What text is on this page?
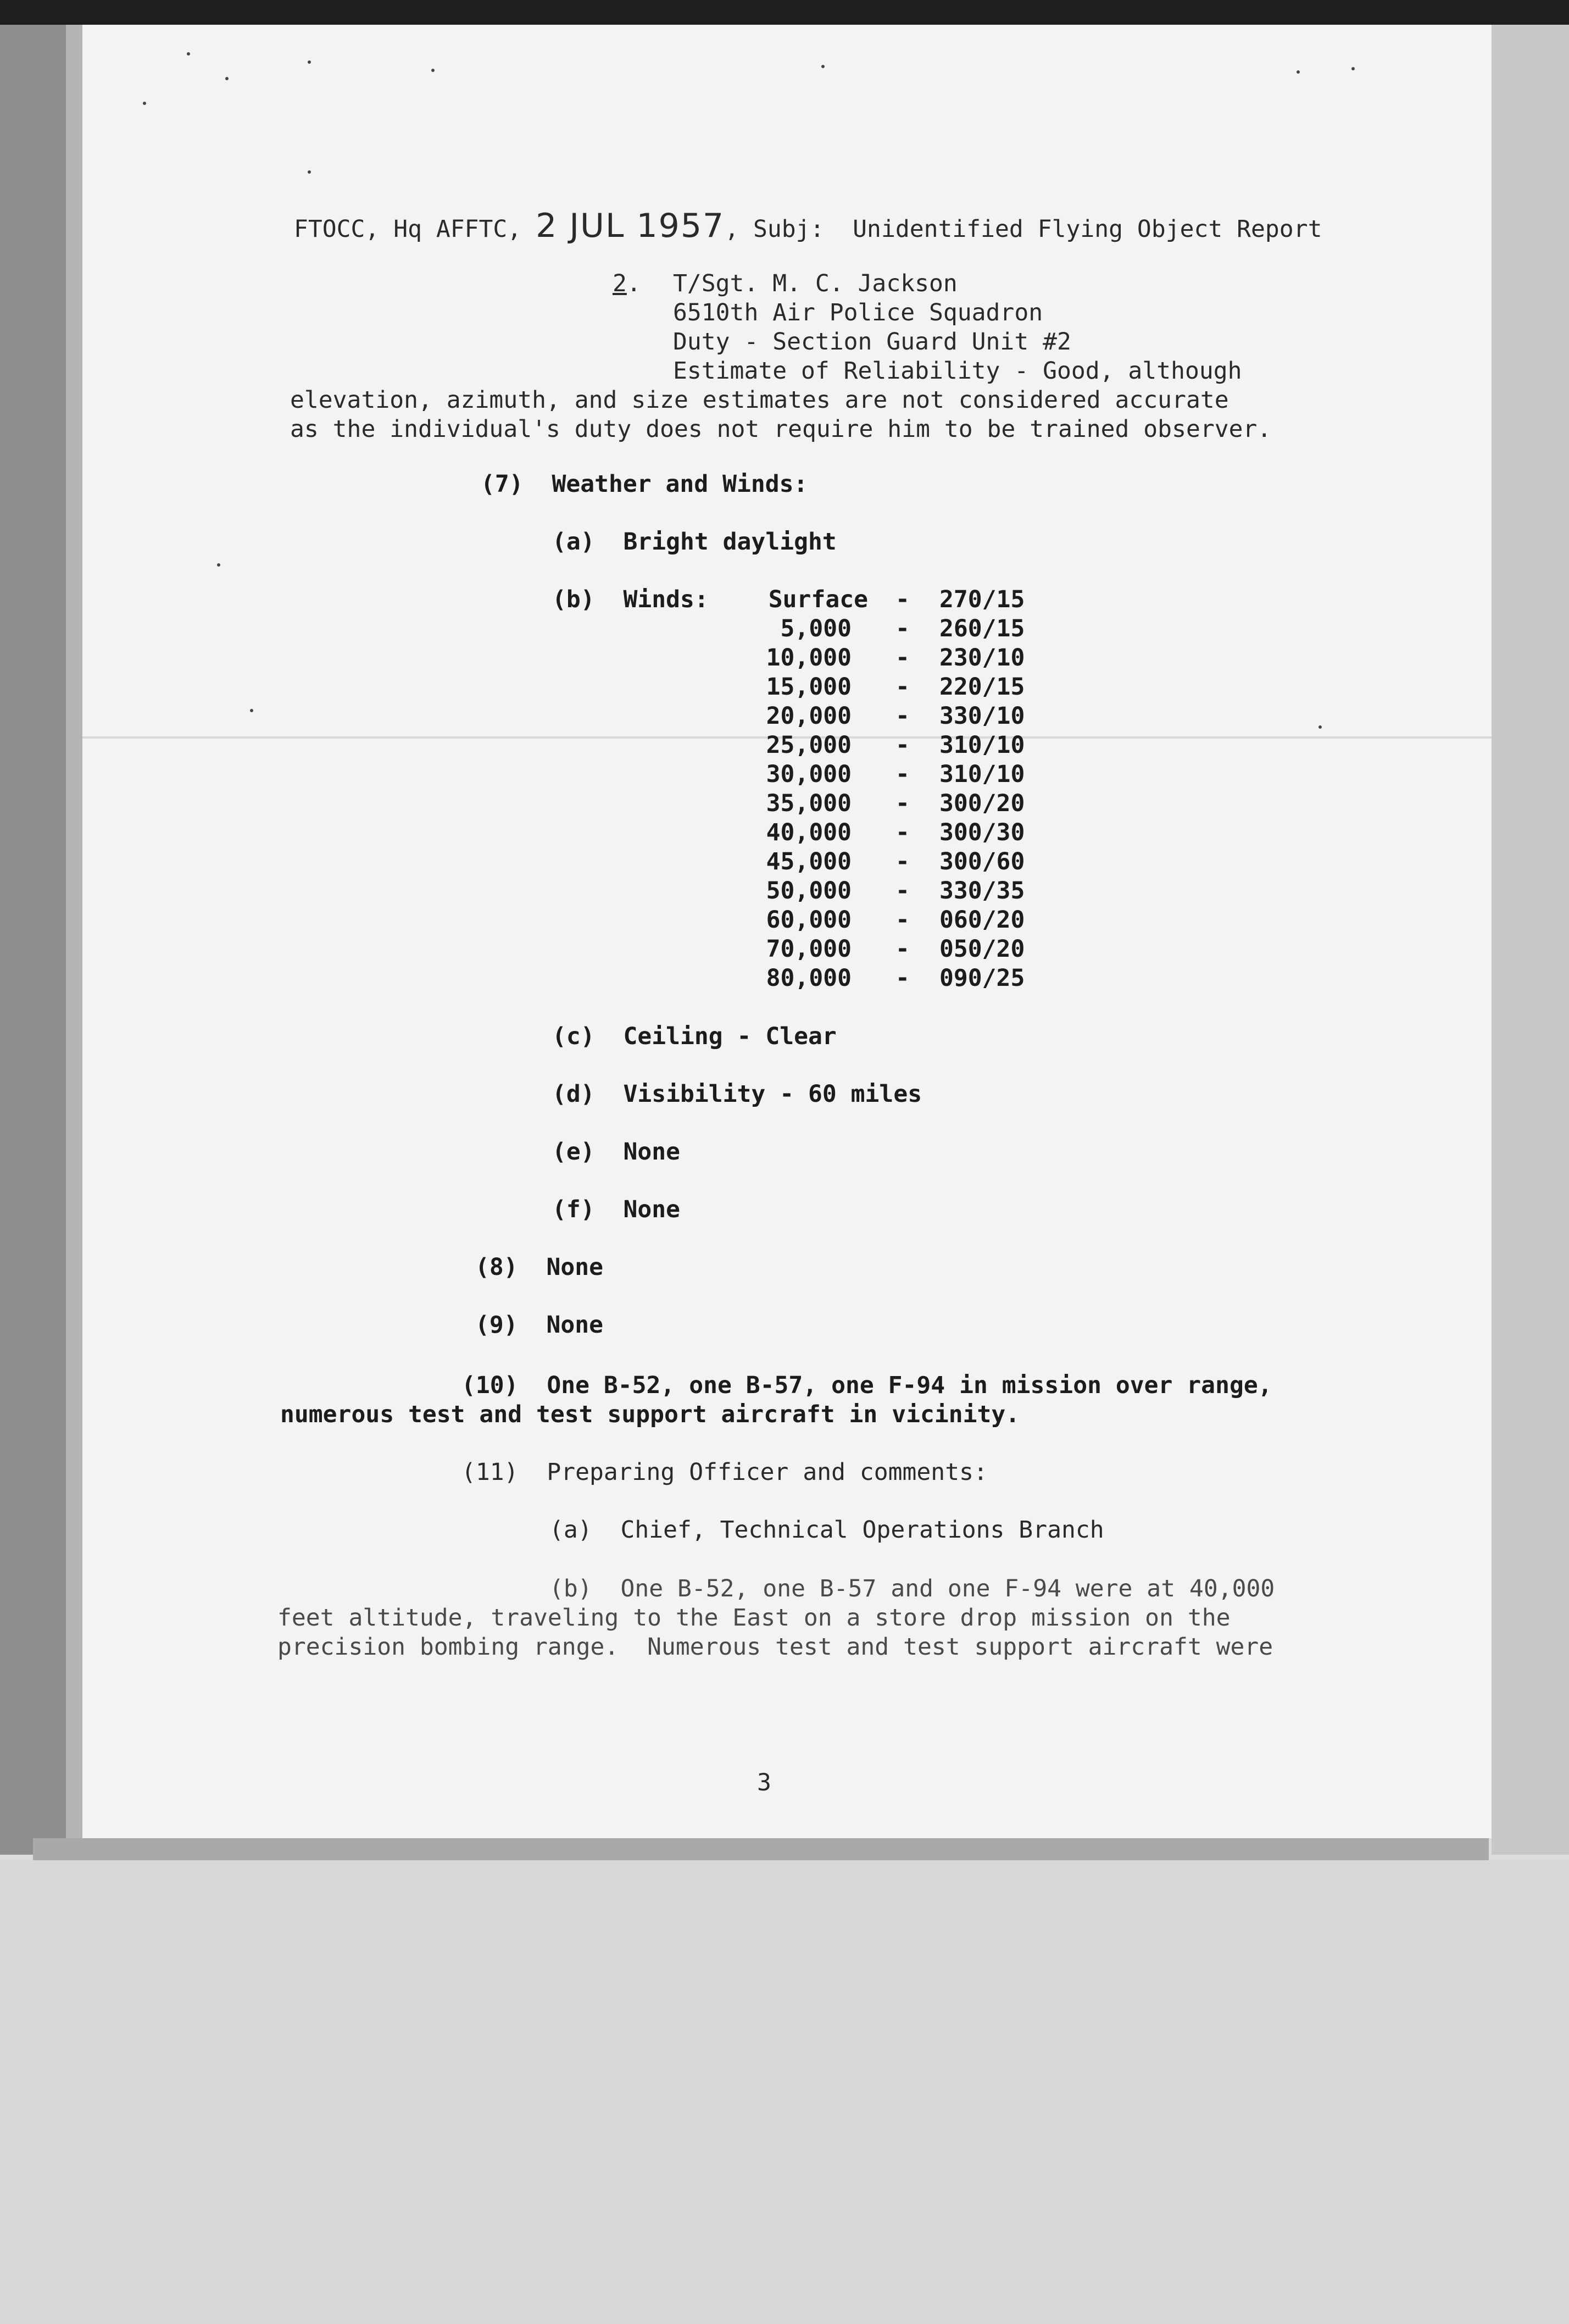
FTOCC, Hq AFFTC, 2 JUL 1957, Subj:  Unidentified Flying Object Report
2. T/Sgt. M. C. Jackson
6510th Air Police Squadron
Duty - Section Guard Unit #2
Estimate of Reliability - Good, although
elevation, azimuth, and size estimates are not considered accurate
as the individual's duty does not require him to be trained observer.
(7)  Weather and Winds:
(a)  Bright daylight
(b)  Winds:	Surface - 270/15
5,000 - 260/15
10,000 - 230/10
15,000 - 220/15
20,000 - 330/10
25,000 - 310/10
30,000 - 310/10
35,000 - 300/20
40,000 - 300/30
45,000 - 300/60
50,000 - 330/35
60,000 - 060/20
70,000 - 050/20
80,000 - 090/25
(c)  Ceiling - Clear
(d)  Visibility - 60 miles
(e)  None
(f)  None
(8)  None
(9)  None
(10)  One B-52, one B-57, one F-94 in mission over range,
numerous test and test support aircraft in vicinity.
(11)  Preparing Officer and comments:
(a)  Chief, Technical Operations Branch
(b)  One B-52, one B-57 and one F-94 were at 40,000
feet altitude, traveling to the East on a store drop mission on the
precision bombing range.  Numerous test and test support aircraft were
3
